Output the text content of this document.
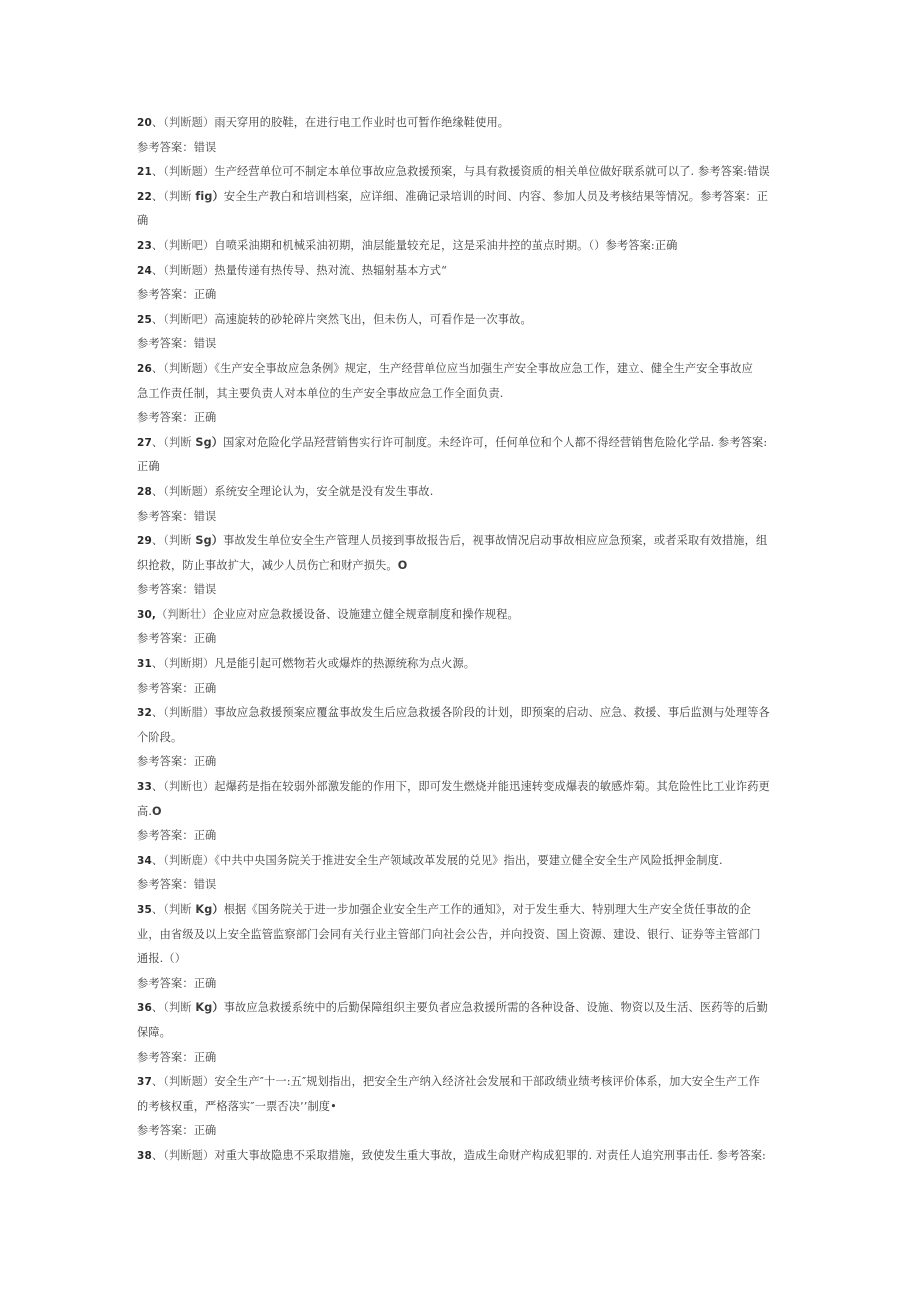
20、（判断题）雨天穿用的胶鞋，在进行电工作业时也可暂作绝缘鞋使用。
参考答案：错误
21、（判断题）生产经营单位可不制定本单位事故应急救援预案，与具有救援资质的相关单位做好联系就可以了. 参考答案:错误
22、（判断 fig）安全生产教白和培训档案，应详细、准确记录培训的时间、内容、参加人员及考核结果等情况。参考答案：正
确
23、（判断吧）自喷采油期和机械采油初期，油层能量较充足，这是采油井控的茧点时期。（）参考答案:正确
24、（判断题）热量传递有热传导、热对流、热辐射基本方式“
参考答案：正确
25、（判断吧）高速旋转的砂轮碎片突然飞出，但未伤人，可看作是一次事故。
参考答案：错误
26、（判断题）《生产安全事故应急条例》规定，生产经营单位应当加强生产安全事故应急工作，建立、健全生产安全事故应
急工作责任制，其主要负责人对本单位的生产安全事故应急工作全面负责.
参考答案：正确
27、（判断 Sg）国家对危险化学品羟营销售实行许可制度。未经许可，任何单位和个人都不得经营销售危险化学品. 参考答案:
正确
28、（判断题）系统安全理论认为，安全就是没有发生事故.
参考答案：错误
29、（判断 Sg）事故发生单位安全生产管理人员接到事故报告后，视事故情况启动事故相应应急预案，或者采取有效措施，组
织抢救，防止事故扩大，减少人员伤亡和财产损失。O
参考答案：错误
30,（判断壮）企业应对应急救援设备、设施建立健全规章制度和操作规程。
参考答案：正确
31、（判断期）凡是能引起可燃物若火或爆炸的热源统称为点火源。
参考答案：正确
32、（判断腊）事故应急救援预案应覆盆事故发生后应急救援各阶段的计划，即预案的启动、应急、救援、事后监测与处理等各
个阶段。
参考答案：正确
33、（判断也）起爆药是指在较弱外部激发能的作用下，即可发生燃烧并能迅速转变成爆表的敏感炸菊。其危险性比工业诈药更
高.O
参考答案：正确
34、（判断鹿）《中共中央国务院关于推进安全生产领域改革发展的兑见》指出，要建立健全安全生产风险抵押金制度.
参考答案：错误
35、（判断 Kg）根据《国务院关于进一步加强企业安全生产工作的通知》，对于发生垂大、特别理大生产安全货任事故的企
业，由省级及以上安全监管监察部门会同有关行业主管部门向社会公告，并向投资、国上资源、建设、银行、证券等主管部门
通报.（）
参考答案：正确
36、（判断 Kg）事故应急救援系统中的后勤保障组织主要负者应急救援所需的各种设备、设施、物资以及生活、医药等的后勤
保障。
参考答案：正确
37、（判断题）安全生产″十一:五″规划指出，把安全生产纳入经济社会发展和干部政绩业绩考核评价体系，加大安全生产工作
的考核权重，严格落实″一票否决’’制度•
参考答案：正确
38、（判断题）对重大事故隐患不采取措施，致使发生重大事故，造成生命财产构成犯罪的. 对责任人追究刑事击任. 参考答案:
